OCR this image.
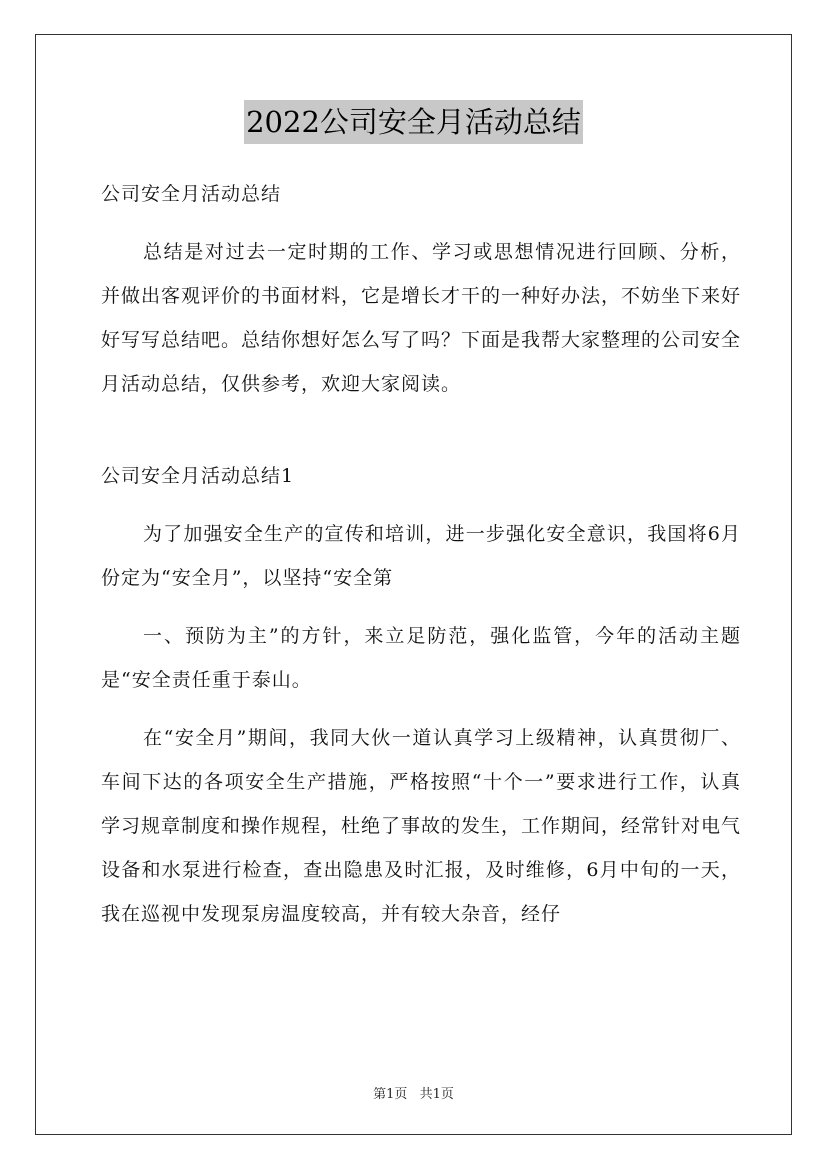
2022公司安全月活动总结

公司安全月活动总结

总结是对过去一定时期的工作、学习或思想情况进行回顾、分析，并做出客观评价的书面材料，它是增长才干的一种好办法，不妨坐下来好好写写总结吧。总结你想好怎么写了吗？下面是我帮大家整理的公司安全月活动总结，仅供参考，欢迎大家阅读。

公司安全月活动总结1

为了加强安全生产的宣传和培训，进一步强化安全意识，我国将6月份定为“安全月”，以坚持“安全第

一、预防为主”的方针，来立足防范，强化监管，今年的活动主题是“安全责任重于泰山。

在“安全月”期间，我同大伙一道认真学习上级精神，认真贯彻厂、车间下达的各项安全生产措施，严格按照“十个一”要求进行工作，认真学习规章制度和操作规程，杜绝了事故的发生，工作期间，经常针对电气设备和水泵进行检查，查出隐患及时汇报，及时维修，6月中旬的一天，我在巡视中发现泵房温度较高，并有较大杂音，经仔

第1页 共1页
